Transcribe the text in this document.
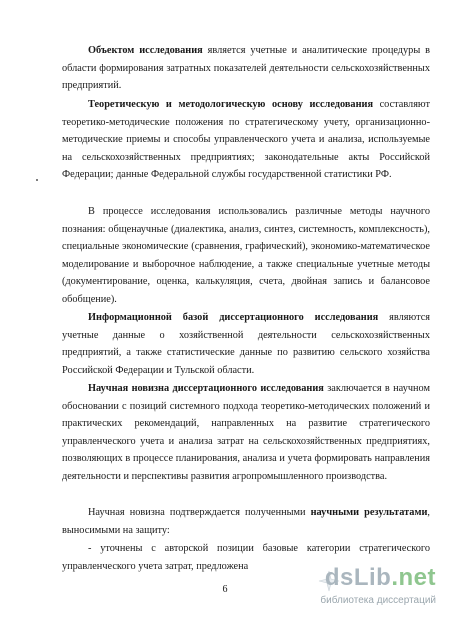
Объектом исследования является учетные и аналитические процедуры в области формирования затратных показателей деятельности сельскохозяйственных предприятий.

Теоретическую и методологическую основу исследования составляют теоретико-методические положения по стратегическому учету, организационно-методические приемы и способы управленческого учета и анализа, используемые на сельскохозяйственных предприятиях; законодательные акты Российской Федерации; данные Федеральной службы государственной статистики РФ.

В процессе исследования использовались различные методы научного познания: общенаучные (диалектика, анализ, синтез, системность, комплексность), специальные экономические (сравнения, графический), экономико-математическое моделирование и выборочное наблюдение, а также специальные учетные методы (документирование, оценка, калькуляция, счета, двойная запись и балансовое обобщение).

Информационной базой диссертационного исследования являются учетные данные о хозяйственной деятельности сельскохозяйственных предприятий, а также статистические данные по развитию сельского хозяйства Российской Федерации и Тульской области.

Научная новизна диссертационного исследования заключается в научном обосновании с позиций системного подхода теоретико-методических положений и практических рекомендаций, направленных на развитие стратегического управленческого учета и анализа затрат на сельскохозяйственных предприятиях, позволяющих в процессе планирования, анализа и учета формировать направления деятельности и перспективы развития агропромышленного производства.

Научная новизна подтверждается полученными научными результатами, выносимыми на защиту:

- уточнены с авторской позиции базовые категории стратегического управленческого учета затрат, предложена

6	dsLib.net
библиотека диссертаций
